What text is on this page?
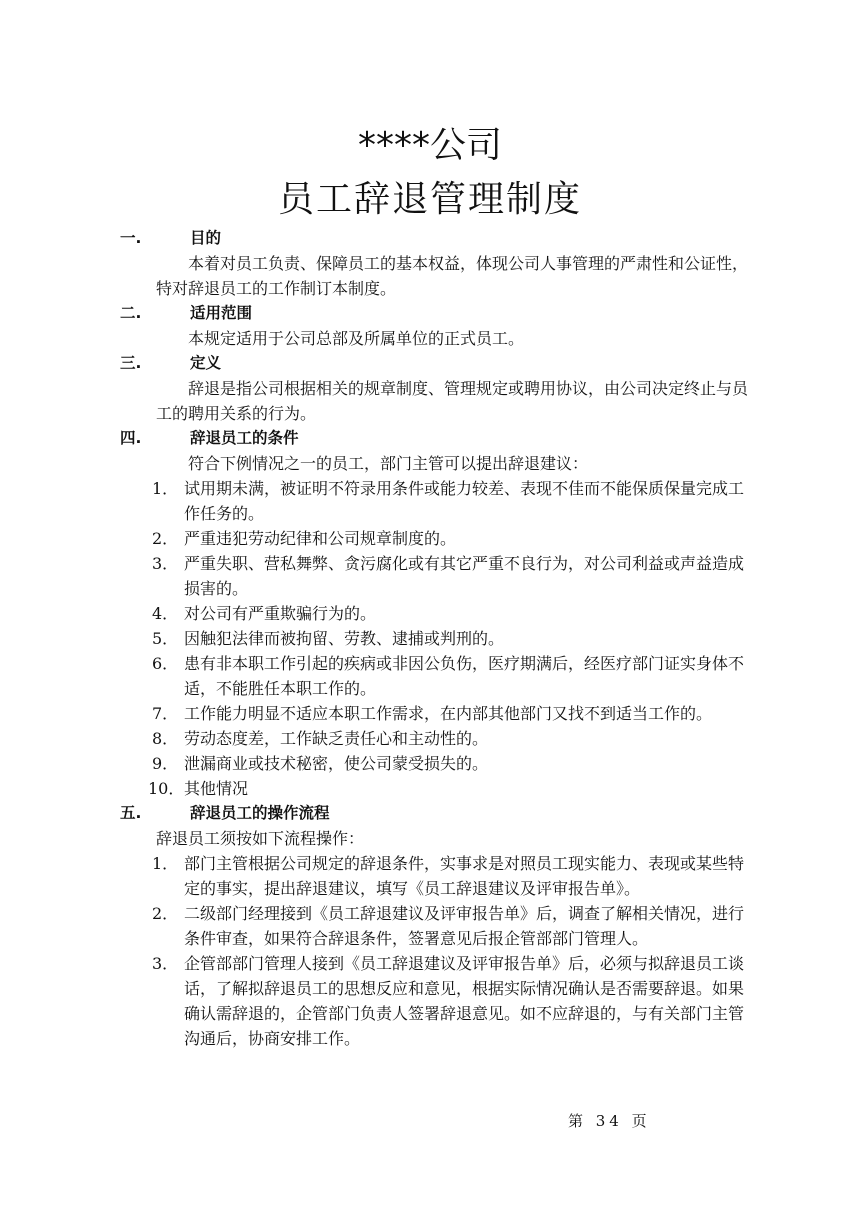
****公司
员工辞退管理制度
一.	目的
本着对员工负责、保障员工的基本权益，体现公司人事管理的严肃性和公证性，特对辞退员工的工作制订本制度。
二.	适用范围
本规定适用于公司总部及所属单位的正式员工。
三.	定义
辞退是指公司根据相关的规章制度、管理规定或聘用协议，由公司决定终止与员工的聘用关系的行为。
四.	辞退员工的条件
符合下例情况之一的员工，部门主管可以提出辞退建议：
1． 试用期未满，被证明不符录用条件或能力较差、表现不佳而不能保质保量完成工作任务的。
2． 严重违犯劳动纪律和公司规章制度的。
3． 严重失职、营私舞弊、贪污腐化或有其它严重不良行为，对公司利益或声益造成损害的。
4． 对公司有严重欺骗行为的。
5． 因触犯法律而被拘留、劳教、逮捕或判刑的。
6． 患有非本职工作引起的疾病或非因公负伤，医疗期满后，经医疗部门证实身体不适，不能胜任本职工作的。
7． 工作能力明显不适应本职工作需求，在内部其他部门又找不到适当工作的。
8． 劳动态度差，工作缺乏责任心和主动性的。
9． 泄漏商业或技术秘密，使公司蒙受损失的。
10． 其他情况
五.	辞退员工的操作流程
辞退员工须按如下流程操作：
1． 部门主管根据公司规定的辞退条件，实事求是对照员工现实能力、表现或某些特定的事实，提出辞退建议，填写《员工辞退建议及评审报告单》。
2． 二级部门经理接到《员工辞退建议及评审报告单》后，调查了解相关情况，进行条件审查，如果符合辞退条件，签署意见后报企管部部门管理人。
3． 企管部部门管理人接到《员工辞退建议及评审报告单》后，必须与拟辞退员工谈话，了解拟辞退员工的思想反应和意见，根据实际情况确认是否需要辞退。如果确认需辞退的，企管部门负责人签署辞退意见。如不应辞退的，与有关部门主管沟通后，协商安排工作。
第 34 页
